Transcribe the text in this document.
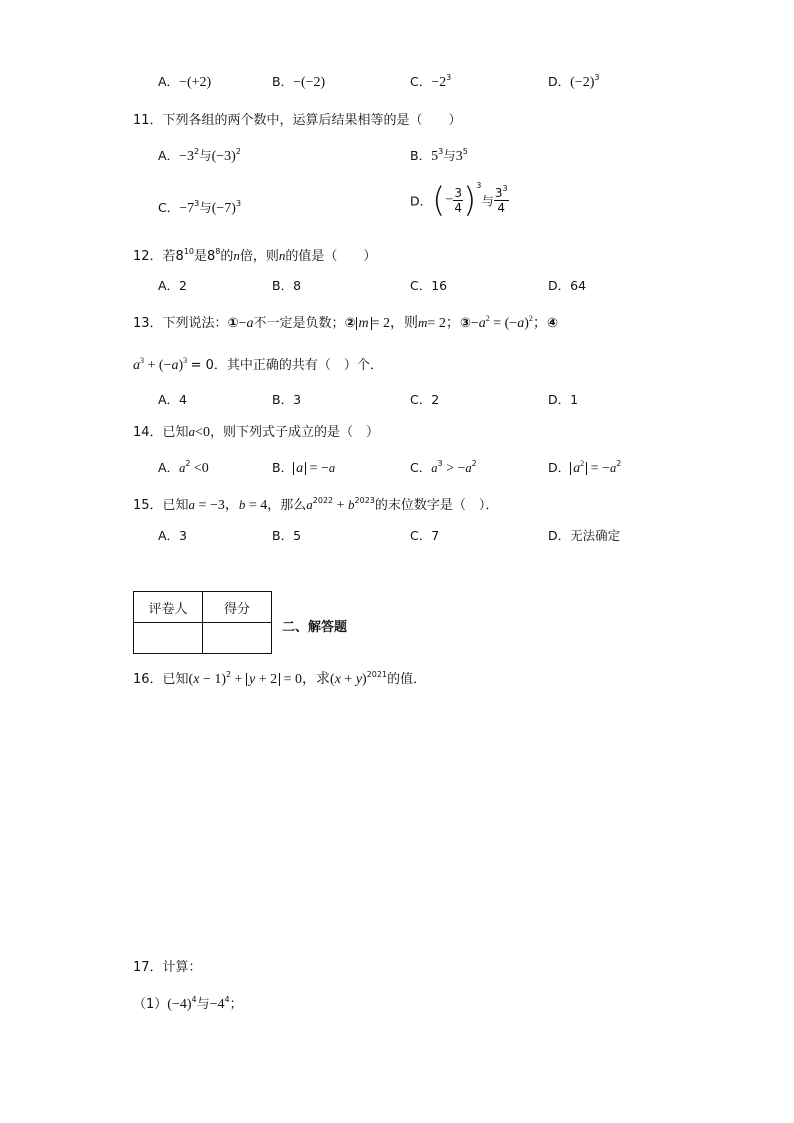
A．−(+2)	B．−(−2)	C．$-2^3$	D．$(-2)^3$
11．下列各组的两个数中，运算后结果相等的是（　　）
A．$-3^2$与$(-3)^2$	B．$5^3$与$3^5$
C．$-7^3$与$(-7)^3$	D．(− $\frac{3}{4} )^3$与 $\frac{3^3}{4}$
12．若$8^{10}$是$8^8$的n倍，则n的值是（　　）
A．2	B．8	C．16	D．64
13．下列说法：①−a不一定是负数；② m = 2，则m= 2；$③-a^2 = (-a)^2$；④
$a^3 + (-a)^3 = 0$．其中正确的共有（　）个．
A．4	B．3	C．2	D．1
14．已知a<0，则下列式子成立的是（　）
A．$a^2 <0$	B． a = −a	C．$a^3 > -a^2$	D． $a^2 = -a^2$
15．已知a = −3，b = 4，那么$a^{2022} + b^{2023}$的末位数字是（　）．
A．3	B．5	C．7	D．无法确定
评卷人	得分

二、解答题
16．已知$(x - 1)^2 + y + 2 = 0$，求$(x + y)^{2021}$的值．
17．计算：
$(1)(-4)^4$与$-4^4$；
